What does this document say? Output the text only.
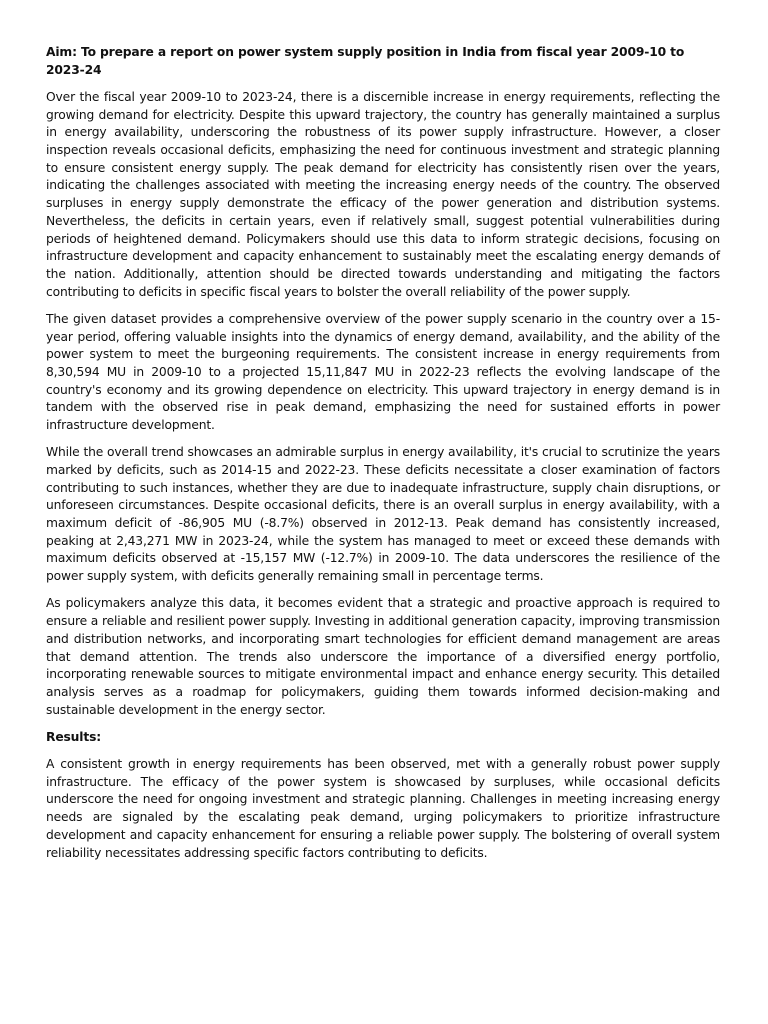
Aim: To prepare a report on power system supply position in India from fiscal year 2009-10 to 2023-24
Over the fiscal year 2009-10 to 2023-24, there is a discernible increase in energy requirements, reflecting the growing demand for electricity. Despite this upward trajectory, the country has generally maintained a surplus in energy availability, underscoring the robustness of its power supply infrastructure. However, a closer inspection reveals occasional deficits, emphasizing the need for continuous investment and strategic planning to ensure consistent energy supply. The peak demand for electricity has consistently risen over the years, indicating the challenges associated with meeting the increasing energy needs of the country. The observed surpluses in energy supply demonstrate the efficacy of the power generation and distribution systems. Nevertheless, the deficits in certain years, even if relatively small, suggest potential vulnerabilities during periods of heightened demand. Policymakers should use this data to inform strategic decisions, focusing on infrastructure development and capacity enhancement to sustainably meet the escalating energy demands of the nation. Additionally, attention should be directed towards understanding and mitigating the factors contributing to deficits in specific fiscal years to bolster the overall reliability of the power supply.
The given dataset provides a comprehensive overview of the power supply scenario in the country over a 15-year period, offering valuable insights into the dynamics of energy demand, availability, and the ability of the power system to meet the burgeoning requirements. The consistent increase in energy requirements from 8,30,594 MU in 2009-10 to a projected 15,11,847 MU in 2022-23 reflects the evolving landscape of the country's economy and its growing dependence on electricity. This upward trajectory in energy demand is in tandem with the observed rise in peak demand, emphasizing the need for sustained efforts in power infrastructure development.
While the overall trend showcases an admirable surplus in energy availability, it's crucial to scrutinize the years marked by deficits, such as 2014-15 and 2022-23. These deficits necessitate a closer examination of factors contributing to such instances, whether they are due to inadequate infrastructure, supply chain disruptions, or unforeseen circumstances. Despite occasional deficits, there is an overall surplus in energy availability, with a maximum deficit of -86,905 MU (-8.7%) observed in 2012-13. Peak demand has consistently increased, peaking at 2,43,271 MW in 2023-24, while the system has managed to meet or exceed these demands with maximum deficits observed at -15,157 MW (-12.7%) in 2009-10. The data underscores the resilience of the power supply system, with deficits generally remaining small in percentage terms.
As policymakers analyze this data, it becomes evident that a strategic and proactive approach is required to ensure a reliable and resilient power supply. Investing in additional generation capacity, improving transmission and distribution networks, and incorporating smart technologies for efficient demand management are areas that demand attention. The trends also underscore the importance of a diversified energy portfolio, incorporating renewable sources to mitigate environmental impact and enhance energy security. This detailed analysis serves as a roadmap for policymakers, guiding them towards informed decision-making and sustainable development in the energy sector.
Results:
A consistent growth in energy requirements has been observed, met with a generally robust power supply infrastructure. The efficacy of the power system is showcased by surpluses, while occasional deficits underscore the need for ongoing investment and strategic planning. Challenges in meeting increasing energy needs are signaled by the escalating peak demand, urging policymakers to prioritize infrastructure development and capacity enhancement for ensuring a reliable power supply. The bolstering of overall system reliability necessitates addressing specific factors contributing to deficits.
